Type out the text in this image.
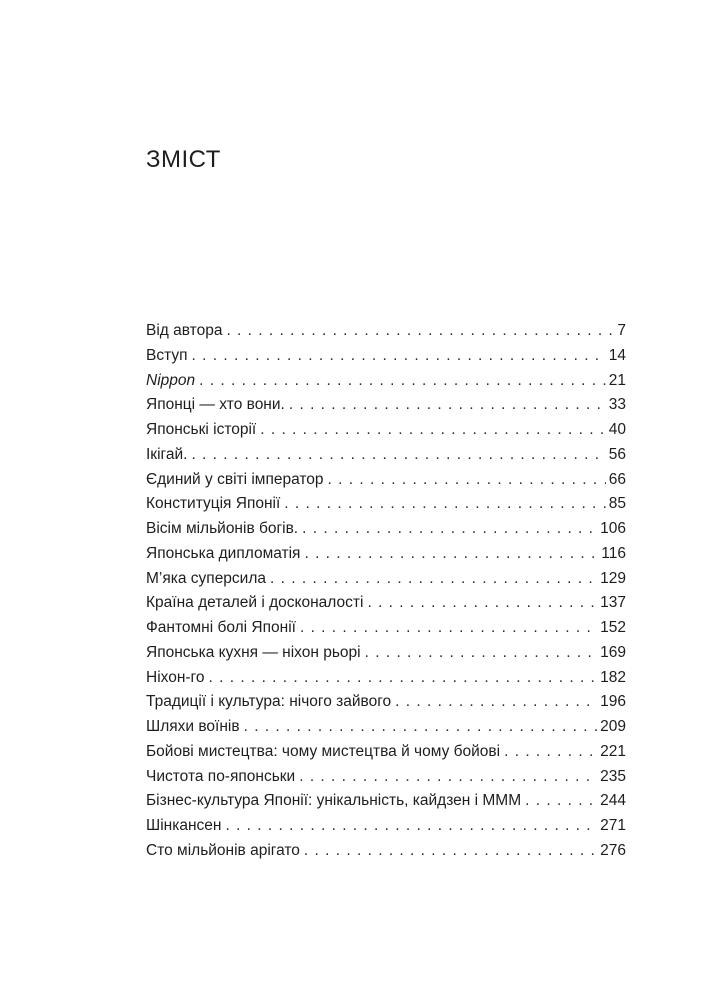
ЗМІСТ
Від автора . . .	7
Вступ . . .	14
Nippon . . .	21
Японці — хто вони. . . .	33
Японські історії . . .	40
Ікігай. . . .	56
Єдиний у світі імператор . . .	66
Конституція Японії . . .	85
Вісім мільйонів богів. . . .	106
Японська дипломатія . . .	116
М’яка суперсила . . .	129
Країна деталей і досконалості . . .	137
Фантомні болі Японії . . .	152
Японська кухня — ніхон рьорі . . .	169
Ніхон-го . . .	182
Традиції і культура: нічого зайвого . . .	196
Шляхи воїнів . . .	209
Бойові мистецтва: чому мистецтва й чому бойові . . .	221
Чистота по-японськи . . .	235
Бізнес-культура Японії: унікальність, кайдзен і МММ . . .	244
Шінкансен . . .	271
Сто мільйонів арігато . . .	276
